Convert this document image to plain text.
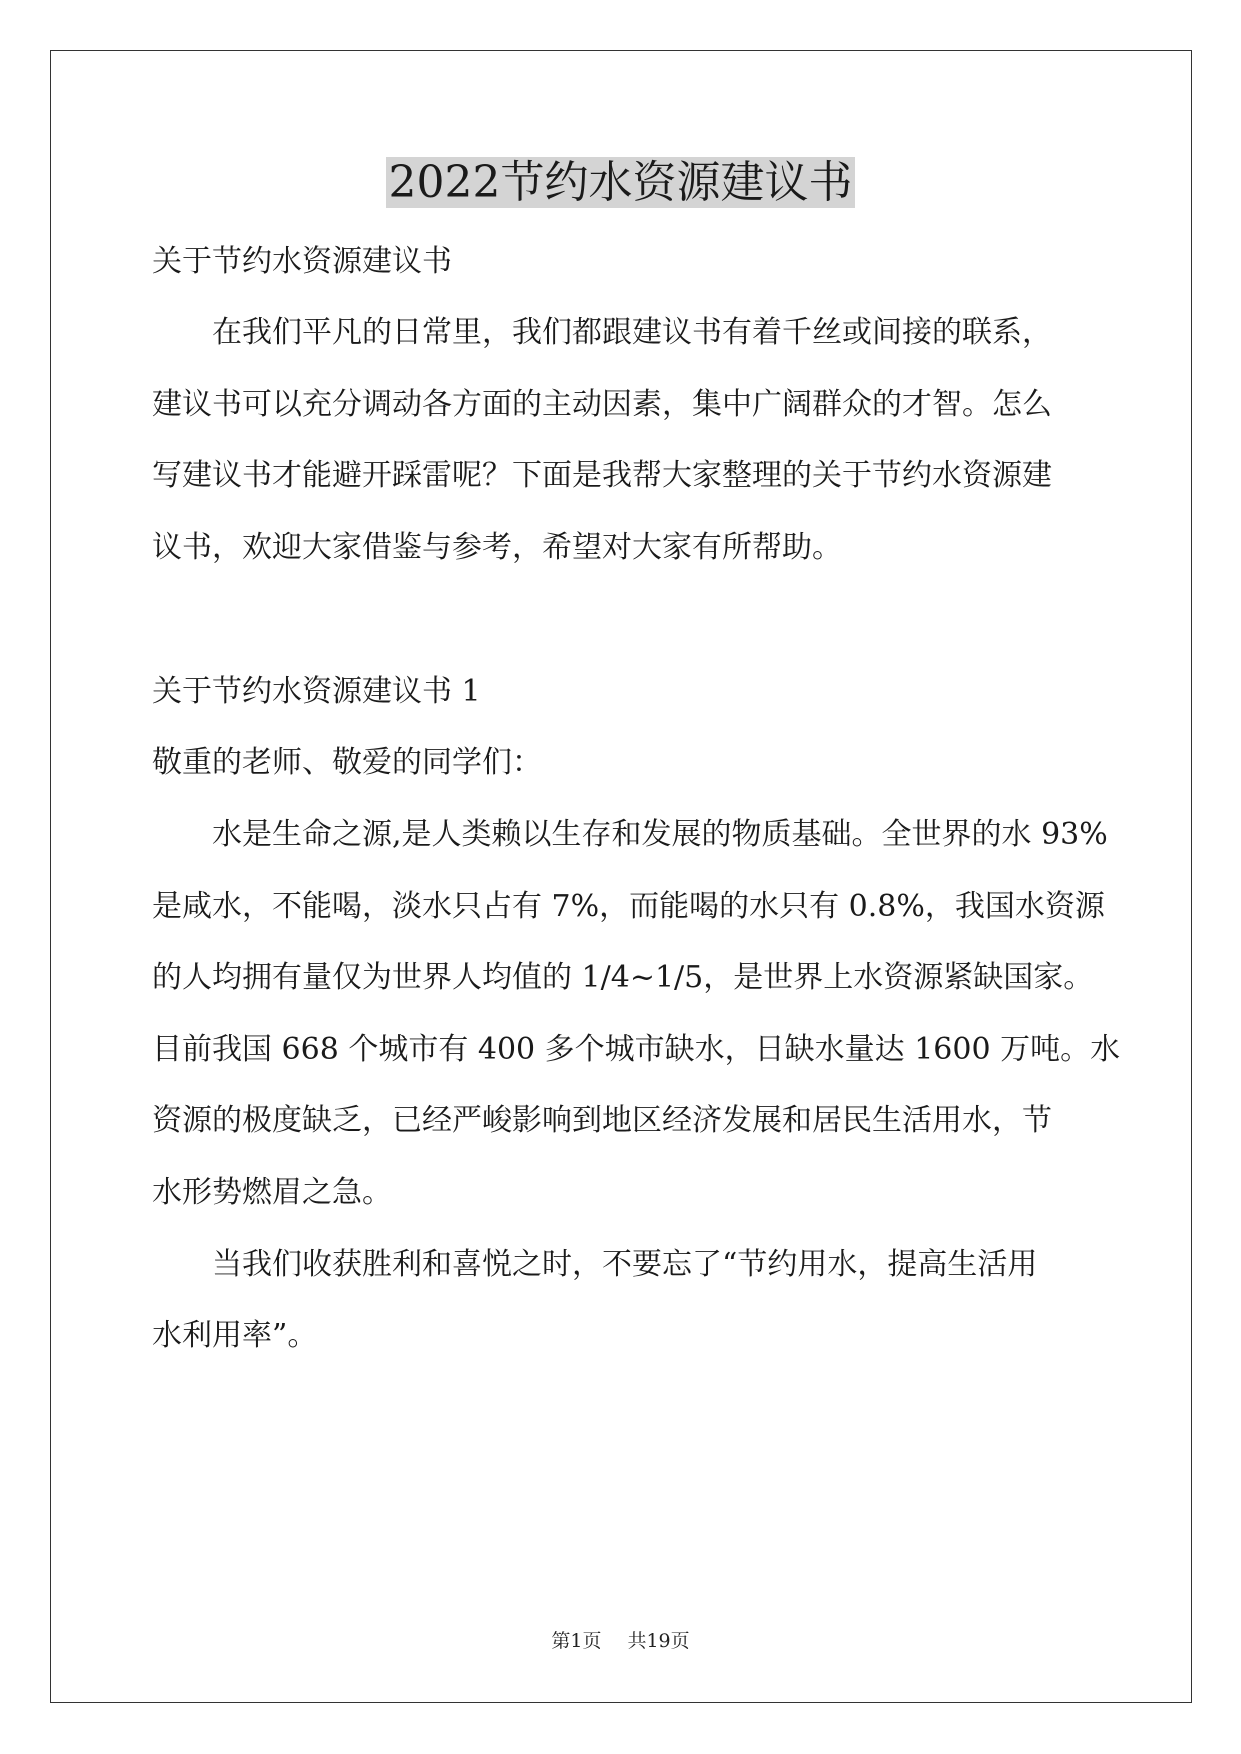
2022节约水资源建议书

关于节约水资源建议书

在我们平凡的日常里，我们都跟建议书有着千丝或间接的联系，

建议书可以充分调动各方面的主动因素，集中广阔群众的才智。怎么

写建议书才能避开踩雷呢？下面是我帮大家整理的关于节约水资源建

议书，欢迎大家借鉴与参考，希望对大家有所帮助。

关于节约水资源建议书 1

敬重的老师、敬爱的同学们：

水是生命之源,是人类赖以生存和发展的物质基础。全世界的水 93%

是咸水，不能喝，淡水只占有 7%，而能喝的水只有 0.8%，我国水资源

的人均拥有量仅为世界人均值的 1/4~1/5，是世界上水资源紧缺国家。

目前我国 668 个城市有 400 多个城市缺水，日缺水量达 1600 万吨。水

资源的极度缺乏，已经严峻影响到地区经济发展和居民生活用水，节

水形势燃眉之急。

当我们收获胜利和喜悦之时，不要忘了“节约用水，提高生活用

水利用率”。

第1页 共19页
